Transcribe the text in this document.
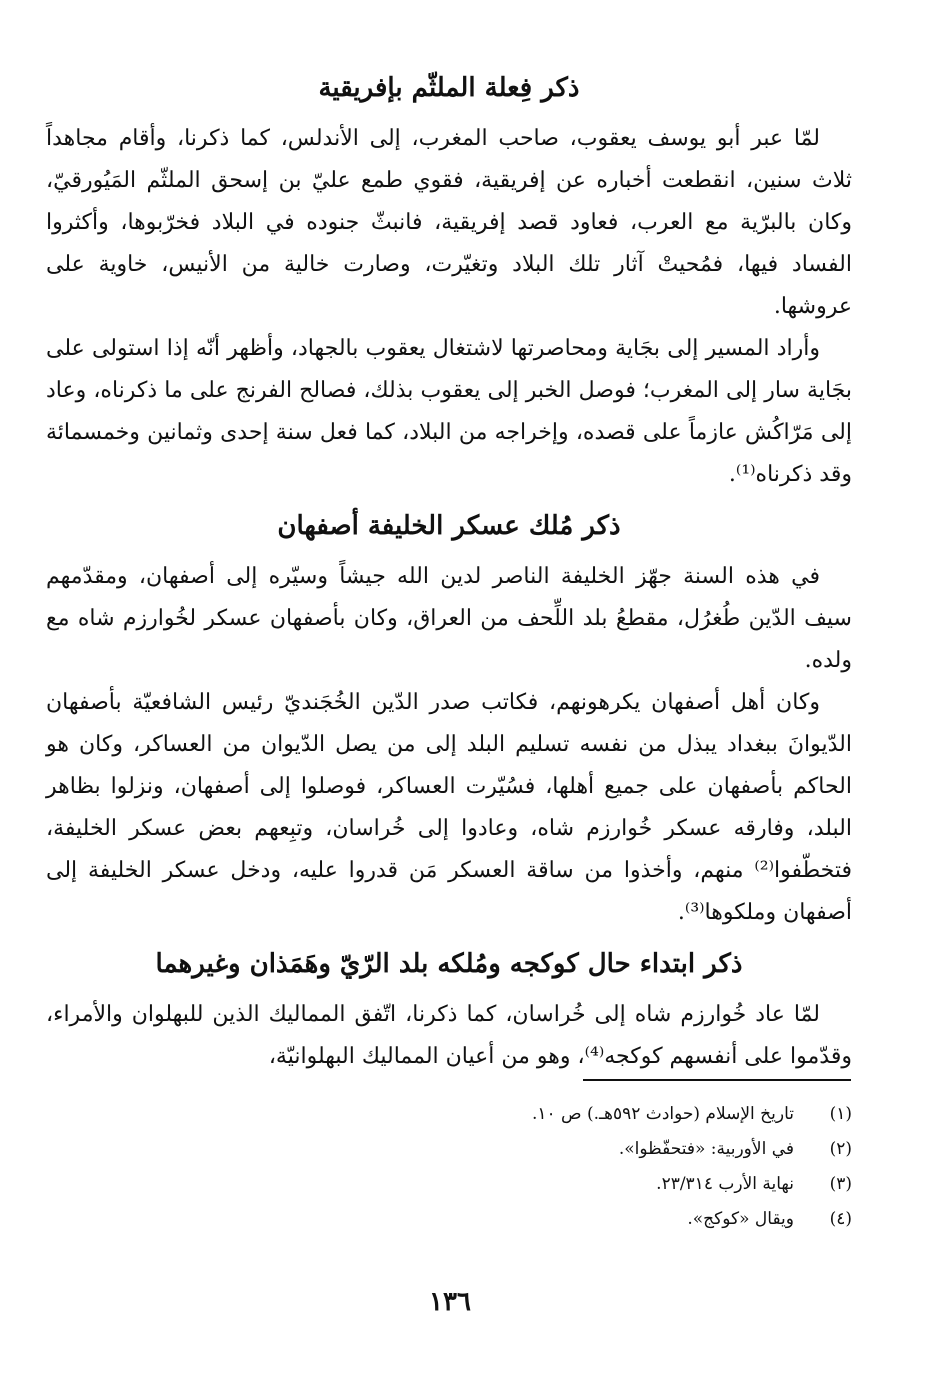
ذكر فِعلة الملثّم بإفريقية

لمّا عبر أبو يوسف يعقوب، صاحب المغرب، إلى الأندلس، كما ذكرنا، وأقام مجاهداً ثلاث سنين، انقطعت أخباره عن إفريقية، فقوي طمع عليّ بن إسحق الملثّم المَيُورقيّ، وكان بالبرّية مع العرب، فعاود قصد إفريقية، فانبثّ جنوده في البلاد فخرّبوها، وأكثروا الفساد فيها، فمُحيتْ آثار تلك البلاد وتغيّرت، وصارت خالية من الأنيس، خاوية على عروشها.

وأراد المسير إلى بجَاية ومحاصرتها لاشتغال يعقوب بالجهاد، وأظهر أنّه إذا استولى على بجَاية سار إلى المغرب؛ فوصل الخبر إلى يعقوب بذلك، فصالح الفرنج على ما ذكرناه، وعاد إلى مَرّاكُش عازماً على قصده، وإخراجه من البلاد، كما فعل سنة إحدى وثمانين وخمسمائة وقد ذكرناه⁽¹⁾.

ذكر مُلك عسكر الخليفة أصفهان

في هذه السنة جهّز الخليفة الناصر لدين الله جيشاً وسيّره إلى أصفهان، ومقدّمهم سيف الدّين طُغرُل، مقطعُ بلد اللِّحف من العراق، وكان بأصفهان عسكر لخُوارزم شاه مع ولده.

وكان أهل أصفهان يكرهونهم، فكاتب صدر الدّين الخُجَنديّ رئيس الشافعيّة بأصفهان الدّيوانَ ببغداد يبذل من نفسه تسليم البلد إلى من يصل الدّيوان من العساكر، وكان هو الحاكم بأصفهان على جميع أهلها، فسُيّرت العساكر، فوصلوا إلى أصفهان، ونزلوا بظاهر البلد، وفارقه عسكر خُوارزم شاه، وعادوا إلى خُراسان، وتبِعهم بعض عسكر الخليفة، فتخطّفوا⁽²⁾ منهم، وأخذوا من ساقة العسكر مَن قدروا عليه، ودخل عسكر الخليفة إلى أصفهان وملكوها⁽³⁾.

ذكر ابتداء حال كوكجه ومُلكه بلد الرّيّ وهَمَذان وغيرهما

لمّا عاد خُوارزم شاه إلى خُراسان، كما ذكرنا، اتّفق المماليك الذين للبهلوان والأمراء، وقدّموا على أنفسهم كوكجه⁽⁴⁾، وهو من أعيان المماليك البهلوانيّة،

(١)
تاريخ الإسلام (حوادث ٥٩٢هـ.) ص ١٠.
(٢)
في الأوربية: «فتحفّظوا».
(٣)
نهاية الأرب ٢٣/٣١٤.
(٤)
ويقال «كوكج».
١٣٦
